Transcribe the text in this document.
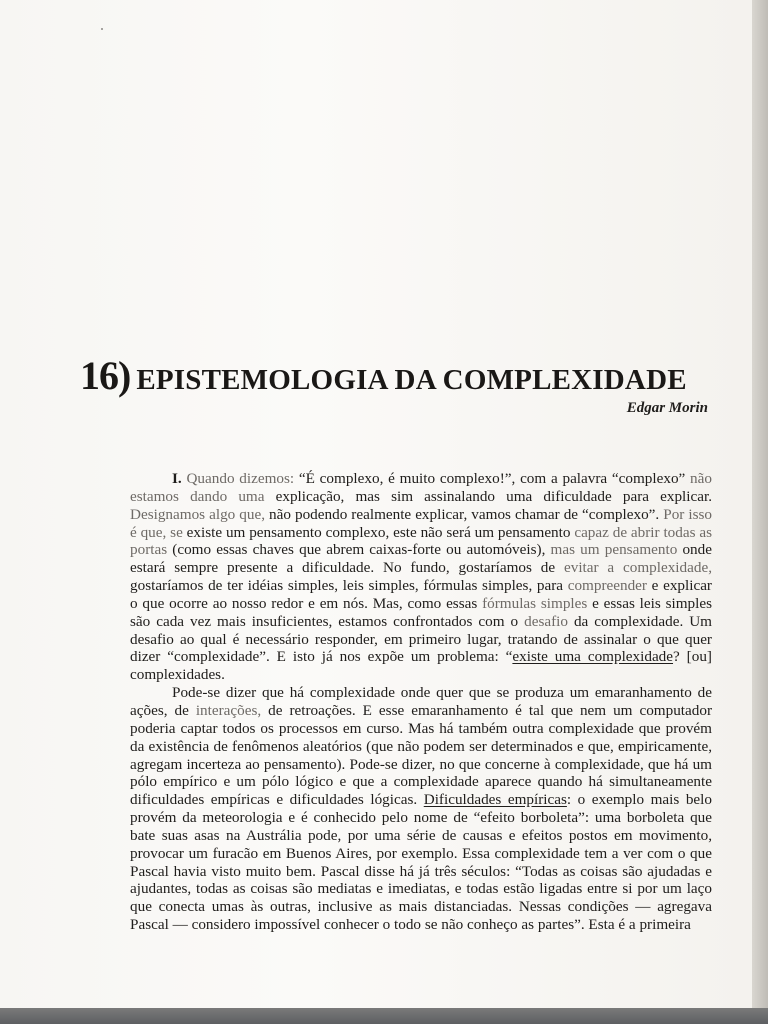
16) EPISTEMOLOGIA DA COMPLEXIDADE
Edgar Morin

I. Quando dizemos: “É complexo, é muito complexo!”, com a palavra “complexo” não estamos dando uma explicação, mas sim assinalando uma dificuldade para explicar. Designamos algo que, não podendo realmente explicar, vamos chamar de “complexo”. Por isso é que, se existe um pensamento complexo, este não será um pensamento capaz de abrir todas as portas (como essas chaves que abrem caixas-forte ou automóveis), mas um pensamento onde estará sempre presente a dificuldade. No fundo, gostaríamos de evitar a complexidade, gostaríamos de ter idéias simples, leis simples, fórmulas simples, para compreender e explicar o que ocorre ao nosso redor e em nós. Mas, como essas fórmulas simples e essas leis simples são cada vez mais insuficientes, estamos confrontados com o desafio da complexidade. Um desafio ao qual é necessário responder, em primeiro lugar, tratando de assinalar o que quer dizer “complexidade”. E isto já nos expõe um problema: “existe uma complexidade? [ou] complexidades.

Pode-se dizer que há complexidade onde quer que se produza um emaranhamento de ações, de interações, de retroações. E esse emaranhamento é tal que nem um computador poderia captar todos os processos em curso. Mas há também outra complexidade que provém da existência de fenômenos aleatórios (que não podem ser determinados e que, empiricamente, agregam incerteza ao pensamento). Pode-se dizer, no que concerne à complexidade, que há um pólo empírico e um pólo lógico e que a complexidade aparece quando há simultaneamente dificuldades empíricas e dificuldades lógicas. Dificuldades empíricas: o exemplo mais belo provém da meteorologia e é conhecido pelo nome de “efeito borboleta”: uma borboleta que bate suas asas na Austrália pode, por uma série de causas e efeitos postos em movimento, provocar um furacão em Buenos Aires, por exemplo. Essa complexidade tem a ver com o que Pascal havia visto muito bem. Pascal disse há já três séculos: “Todas as coisas são ajudadas e ajudantes, todas as coisas são mediatas e imediatas, e todas estão ligadas entre si por um laço que conecta umas às outras, inclusive as mais distanciadas. Nessas condições — agregava Pascal — considero impossível conhecer o todo se não conheço as partes”. Esta é a primeira
